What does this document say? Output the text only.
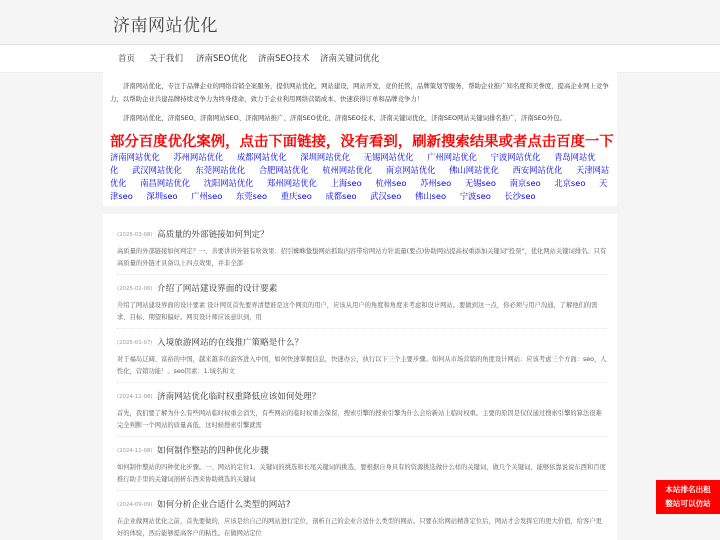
济南网站优化
首页 关于我们 济南SEO优化 济南SEO技术 济南关键词优化

济南网站优化，专注于品牌企业的网络营销全案服务，提供网站优化，网站建设，网站开发，竞价托管，品牌策划等服务，帮助企业推广知名度和美誉度，提高企业网上竞争力，以帮助企业共建品牌持续竞争力为终身使命，致力于企业利用网络营销成本、快速获得订单和品牌竞争力！

济南网站优化，济南SEO、济南网站SEO、济南网站推广、济南SEO优化、济南SEO技术，济南关键词优化，济南SEO网站关键词排名推广，济南SEO外包。

部分百度优化案例，点击下面链接，没有看到，刷新搜索结果或者点击百度一下
济南网站优化 苏州网站优化 成都网站优化 深圳网站优化 无锡网站优化 广州网站优化 宁波网站优化 青岛网站优化 武汉网站优化 东莞网站优化 合肥网站优化 杭州网站优化 南京网站优化 佛山网站优化 西安网站优化 天津网站优化 南昌网站优化 沈阳网站优化 郑州网站优化 上海seo 杭州seo 苏州seo 无锡seo 南京seo 北京seo 天津seo 深圳seo 广州seo 东莞seo 重庆seo 成都seo 武汉seo 佛山seo 宁波seo 长沙seo
(2025-03-08) 高质量的外部链接如何判定？
高质量的外部链接如何判定？一、善要讲讲外链有啥效果：招引蜘蛛蛰蛰网站抓取内容带给网站方针流量(要点)协助网站提高权重添加关键词"投票"，优化网站关键词排名。只有高质量的外链才具备以上四点效果，并非全部
(2025-02-06) 介绍了网站建设界面的设计要素
介绍了网站建设界面的设计要素 设计网页首先要弄清楚谁是这个网页的用户，应该从用户的角度和角度来考虑和设计网站。要做到这一点，你必须与用户沟通，了解他们的需求、目标、期望和偏好。网页设计师应该意识到，用
(2025-01-07) 入境旅游网站的在线推广策略是什么？
对于福岛辽阔、富裕的中国，越来越多的游客进入中国，如何快速掌握信息，快速办公，执行以下三个主要步骤。如何从市场营销的角度设计网站：应该考虑三个方面：seo，人性化，营销功能！。seo因素：1.域名和文
(2024-12-08) 济南网站优化临时权重降低应该如何处理？
首先，我们要了解为什么有些网站临时权重会消失，有些网站的临时权重会保留，搜索引擎的搜索引擎为什么会给新站上临时权重。主要的原因是仅仅通过搜索引擎的算法很难完全判断一个网站的质量高低，这时候搜索引擎就需
(2024-11-08) 如何制作整站的四种优化步骤
如何制作整站的四种优化步骤。一、网站的定位1、关键词的挑选和长尾关键词的挑选，要根据自身具有的资源挑选做什么样的关键词，做几个关键词，能够依靠说说东西和百度推行助手里的关键词剖析东西来协助挑选的关键词
(2024-09-09) 如何分析企业合适什么类型的网站?
在企业做网站优化之前，首先要做的，应该是给自己的网站进行定位，剖析自己的企业合适什么类型的网站。只要在给网站精准定位后，网站才会发挥它的更大价值，给客户更好的体验，然后能够提高客户的粘性。在做网站定位
本站排名出租
整站可以仿站
